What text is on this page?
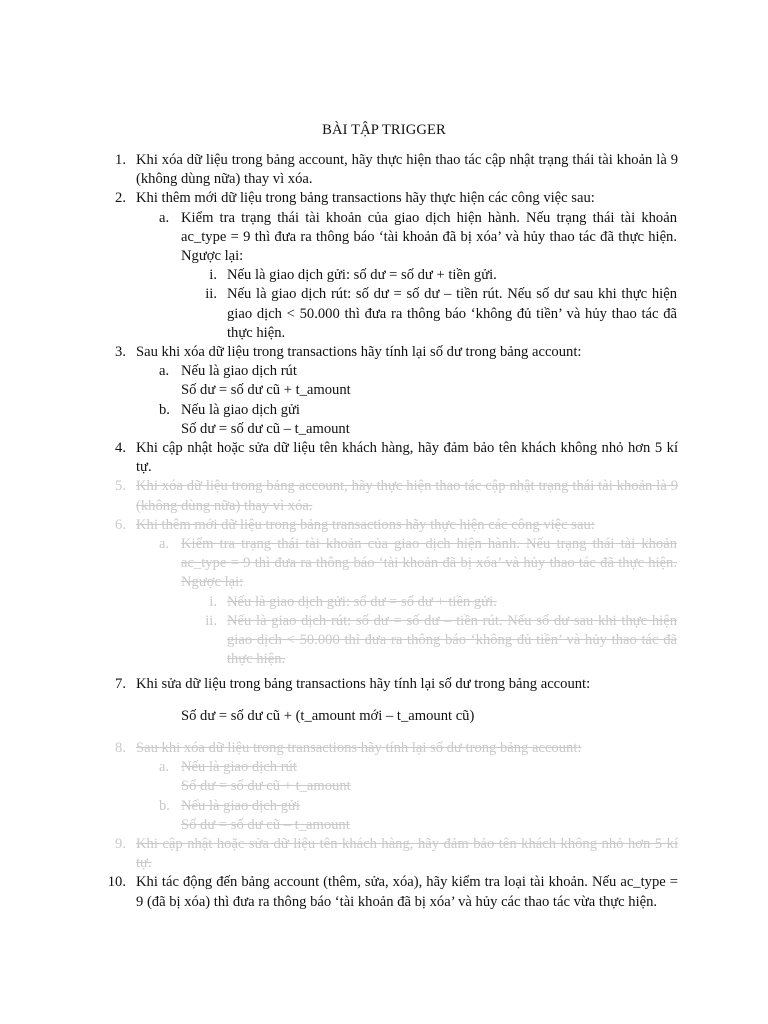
BÀI TẬP TRIGGER
1. Khi xóa dữ liệu trong bảng account, hãy thực hiện thao tác cập nhật trạng thái tài khoản là 9 (không dùng nữa) thay vì xóa.
2. Khi thêm mới dữ liệu trong bảng transactions hãy thực hiện các công việc sau:
a. Kiểm tra trạng thái tài khoản của giao dịch hiện hành. Nếu trạng thái tài khoản ac_type = 9 thì đưa ra thông báo ‘tài khoản đã bị xóa’ và hủy thao tác đã thực hiện. Ngược lại:
i. Nếu là giao dịch gửi: số dư = số dư + tiền gửi.
ii. Nếu là giao dịch rút: số dư = số dư – tiền rút. Nếu số dư sau khi thực hiện giao dịch < 50.000 thì đưa ra thông báo ‘không đủ tiền’ và hủy thao tác đã thực hiện.
3. Sau khi xóa dữ liệu trong transactions hãy tính lại số dư trong bảng account:
a. Nếu là giao dịch rút
Số dư = số dư cũ + t_amount
b. Nếu là giao dịch gửi
Số dư = số dư cũ – t_amount
4. Khi cập nhật hoặc sửa dữ liệu tên khách hàng, hãy đảm bảo tên khách không nhỏ hơn 5 kí tự.
5. Khi xóa dữ liệu trong bảng account, hãy thực hiện thao tác cập nhật trạng thái tài khoản là 9 (không dùng nữa) thay vì xóa.
6. Khi thêm mới dữ liệu trong bảng transactions hãy thực hiện các công việc sau:
a. Kiểm tra trạng thái tài khoản của giao dịch hiện hành. Nếu trạng thái tài khoản ac_type = 9 thì đưa ra thông báo ‘tài khoản đã bị xóa’ và hủy thao tác đã thực hiện. Ngược lại:
i. Nếu là giao dịch gửi: số dư = số dư + tiền gửi.
ii. Nếu là giao dịch rút: số dư = số dư – tiền rút. Nếu số dư sau khi thực hiện giao dịch < 50.000 thì đưa ra thông báo ‘không đủ tiền’ và hủy thao tác đã thực hiện.
7. Khi sửa dữ liệu trong bảng transactions hãy tính lại số dư trong bảng account:
Số dư = số dư cũ + (t_amount mới – t_amount cũ)
8. Sau khi xóa dữ liệu trong transactions hãy tính lại số dư trong bảng account:
a. Nếu là giao dịch rút
Số dư = số dư cũ + t_amount
b. Nếu là giao dịch gửi
Số dư = số dư cũ – t_amount
9. Khi cập nhật hoặc sửa dữ liệu tên khách hàng, hãy đảm bảo tên khách không nhỏ hơn 5 kí tự.
10. Khi tác động đến bảng account (thêm, sửa, xóa), hãy kiểm tra loại tài khoản. Nếu ac_type = 9 (đã bị xóa) thì đưa ra thông báo ‘tài khoản đã bị xóa’ và hủy các thao tác vừa thực hiện.
